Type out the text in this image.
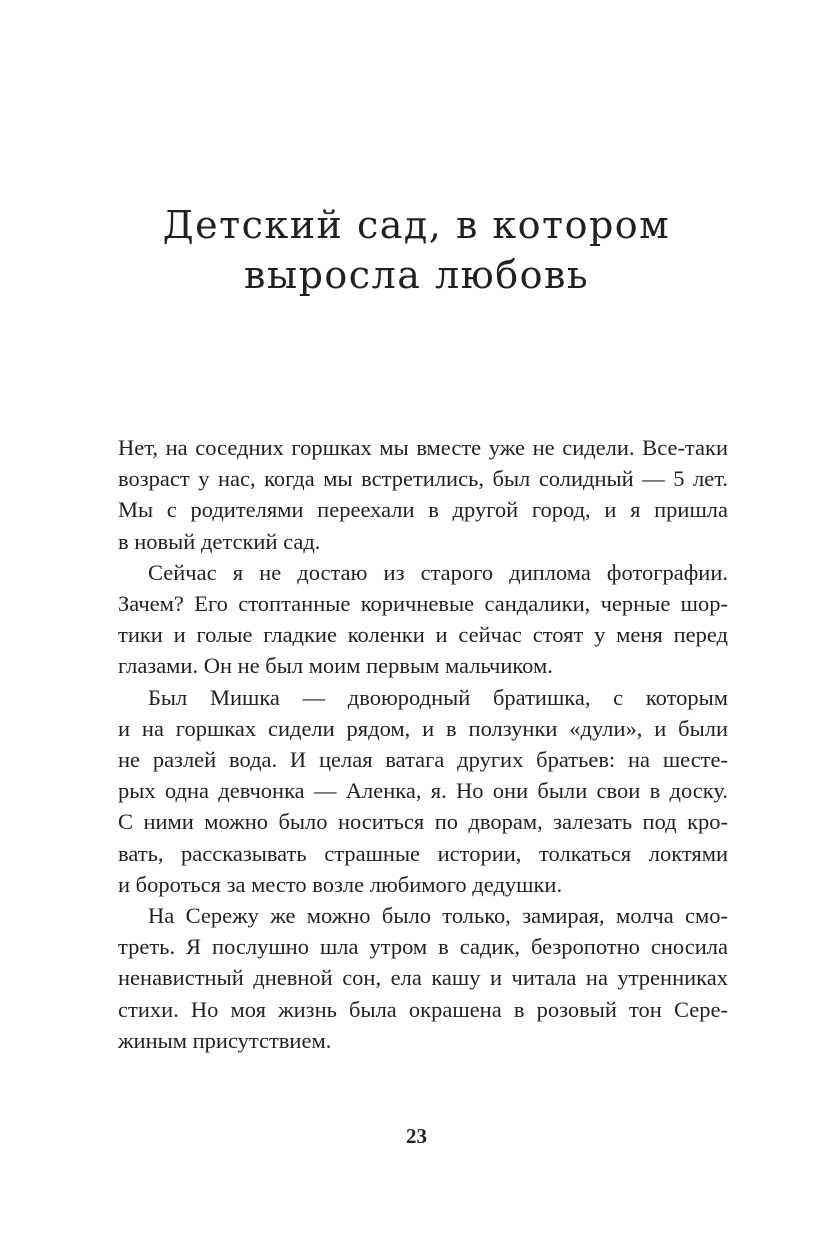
Детский сад, в котором
выросла любовь

Нет, на соседних горшках мы вместе уже не сидели. Все-таки
возраст у нас, когда мы встретились, был солидный — 5 лет.
Мы с родителями переехали в другой город, и я пришла
в новый детский сад.

Сейчас я не достаю из старого диплома фотографии.
Зачем? Его стоптанные коричневые сандалики, черные шор-
тики и голые гладкие коленки и сейчас стоят у меня перед
глазами. Он не был моим первым мальчиком.

Был Мишка — двоюродный братишка, с которым
и на горшках сидели рядом, и в ползунки «дули», и были
не разлей вода. И целая ватага других братьев: на шесте-
рых одна девчонка — Аленка, я. Но они были свои в доску.
С ними можно было носиться по дворам, залезать под кро-
вать, рассказывать страшные истории, толкаться локтями
и бороться за место возле любимого дедушки.

На Сережу же можно было только, замирая, молча смо-
треть. Я послушно шла утром в садик, безропотно сносила
ненавистный дневной сон, ела кашу и читала на утренниках
стихи. Но моя жизнь была окрашена в розовый тон Сере-
жиным присутствием.

23
